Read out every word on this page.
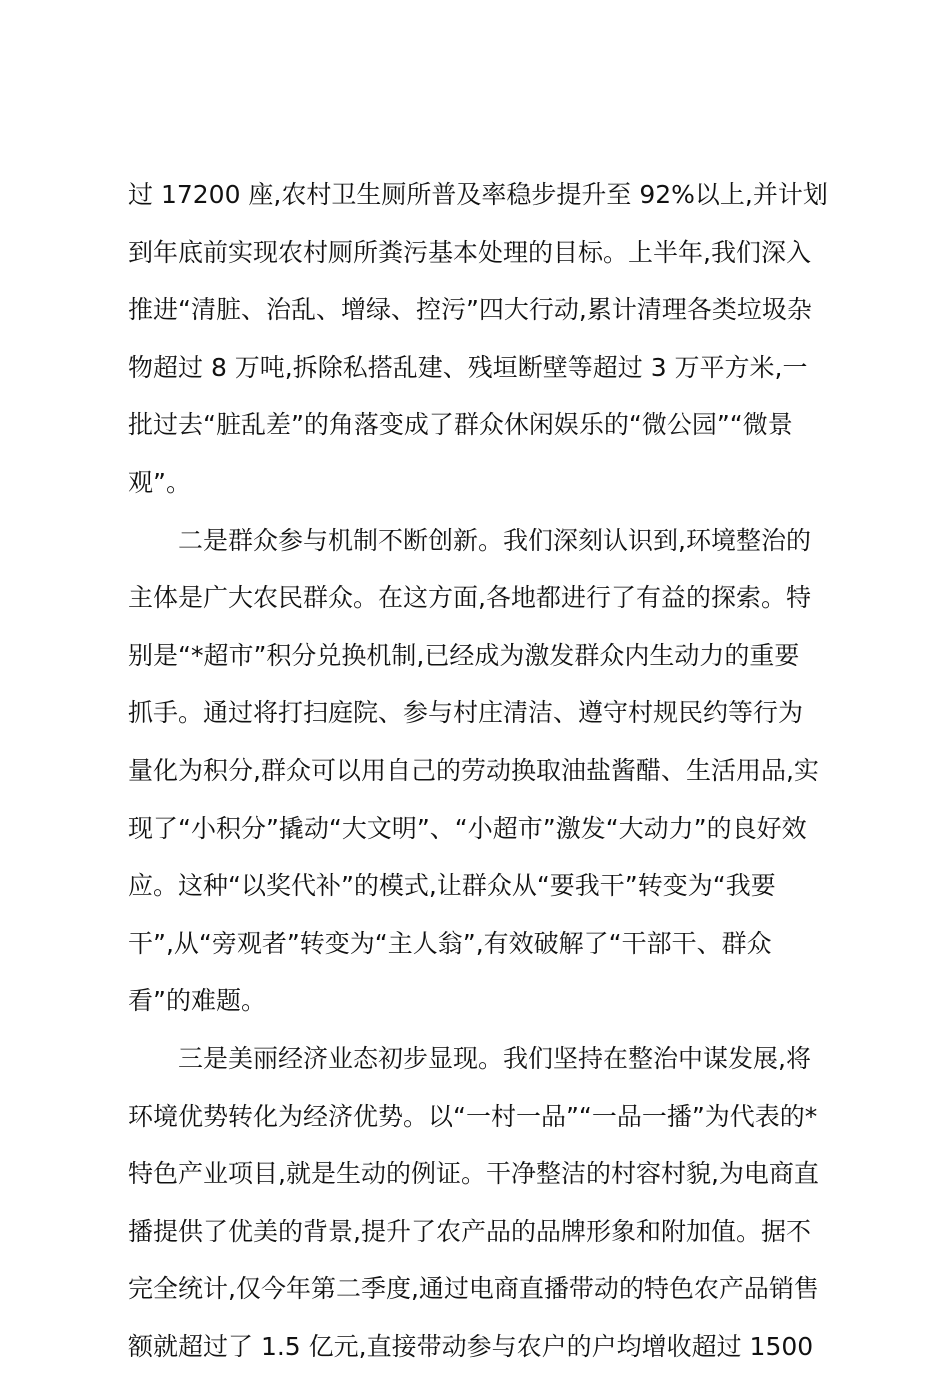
过 17200 座,农村卫生厕所普及率稳步提升至 92%以上,并计划
到年底前实现农村厕所粪污基本处理的目标。上半年,我们深入
推进“清脏、治乱、增绿、控污”四大行动,累计清理各类垃圾杂
物超过 8 万吨,拆除私搭乱建、残垣断壁等超过 3 万平方米,一
批过去“脏乱差”的角落变成了群众休闲娱乐的“微公园”“微景
观”。
二是群众参与机制不断创新。我们深刻认识到,环境整治的
主体是广大农民群众。在这方面,各地都进行了有益的探索。特
别是“*超市”积分兑换机制,已经成为激发群众内生动力的重要
抓手。通过将打扫庭院、参与村庄清洁、遵守村规民约等行为
量化为积分,群众可以用自己的劳动换取油盐酱醋、生活用品,实
现了“小积分”撬动“大文明”、“小超市”激发“大动力”的良好效
应。这种“以奖代补”的模式,让群众从“要我干”转变为“我要
干”,从“旁观者”转变为“主人翁”,有效破解了“干部干、群众
看”的难题。
三是美丽经济业态初步显现。我们坚持在整治中谋发展,将
环境优势转化为经济优势。以“一村一品”“一品一播”为代表的*
特色产业项目,就是生动的例证。干净整洁的村容村貌,为电商直
播提供了优美的背景,提升了农产品的品牌形象和附加值。据不
完全统计,仅今年第二季度,通过电商直播带动的特色农产品销售
额就超过了 1.5 亿元,直接带动参与农户的户均增收超过 1500
